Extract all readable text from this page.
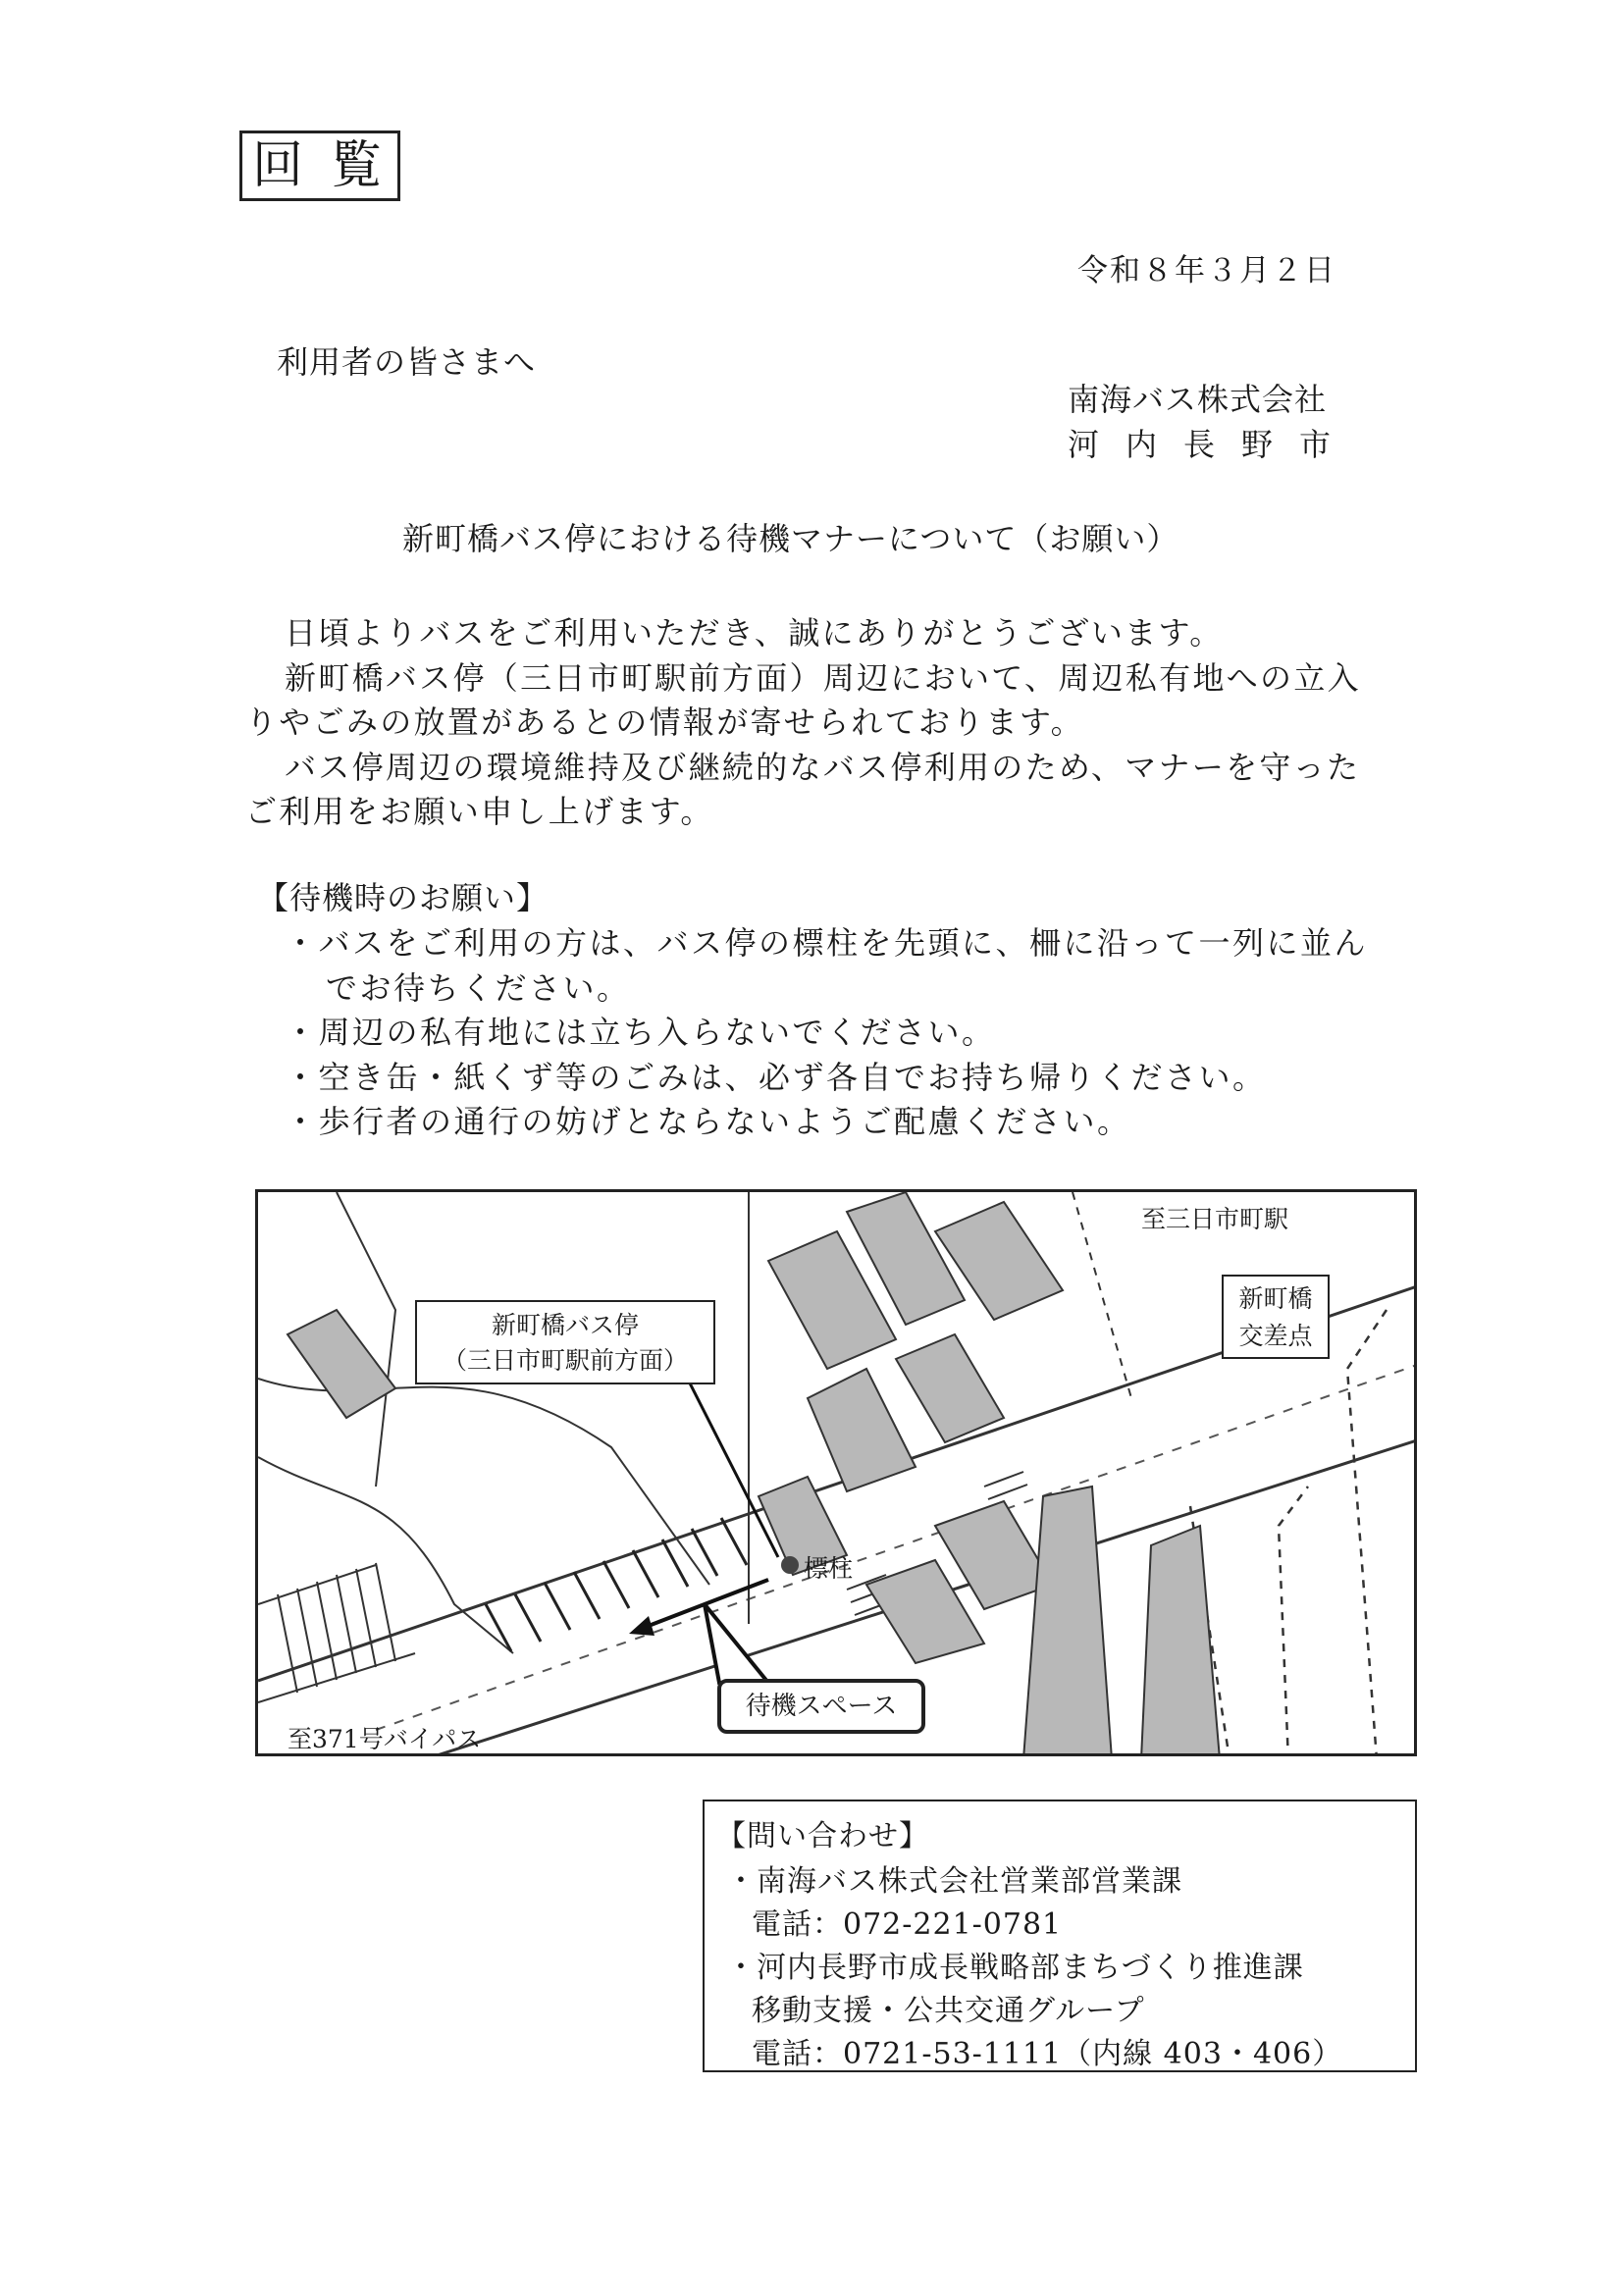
回覧
令和８年３月２日
利用者の皆さまへ
南海バス株式会社
河内長野市
新町橋バス停における待機マナーについて（お願い）
日頃よりバスをご利用いただき、誠にありがとうございます。
新町橋バス停（三日市町駅前方面）周辺において、周辺私有地への立入
りやごみの放置があるとの情報が寄せられております。
バス停周辺の環境維持及び継続的なバス停利用のため、マナーを守った
ご利用をお願い申し上げます。
【待機時のお願い】
・バスをご利用の方は、バス停の標柱を先頭に、柵に沿って一列に並ん
でお待ちください。
・周辺の私有地には立ち入らないでください。
・空き缶・紙くず等のごみは、必ず各自でお持ち帰りください。
・歩行者の通行の妨げとならないようご配慮ください。
至三日市町駅
新町橋
交差点
新町橋バス停
（三日市町駅前方面）
標柱
待機スペース
至371号バイパス
【問い合わせ】
・南海バス株式会社営業部営業課
電話：072-221-0781
・河内長野市成長戦略部まちづくり推進課
移動支援・公共交通グループ
電話：0721-53-1111（内線 403・406）
